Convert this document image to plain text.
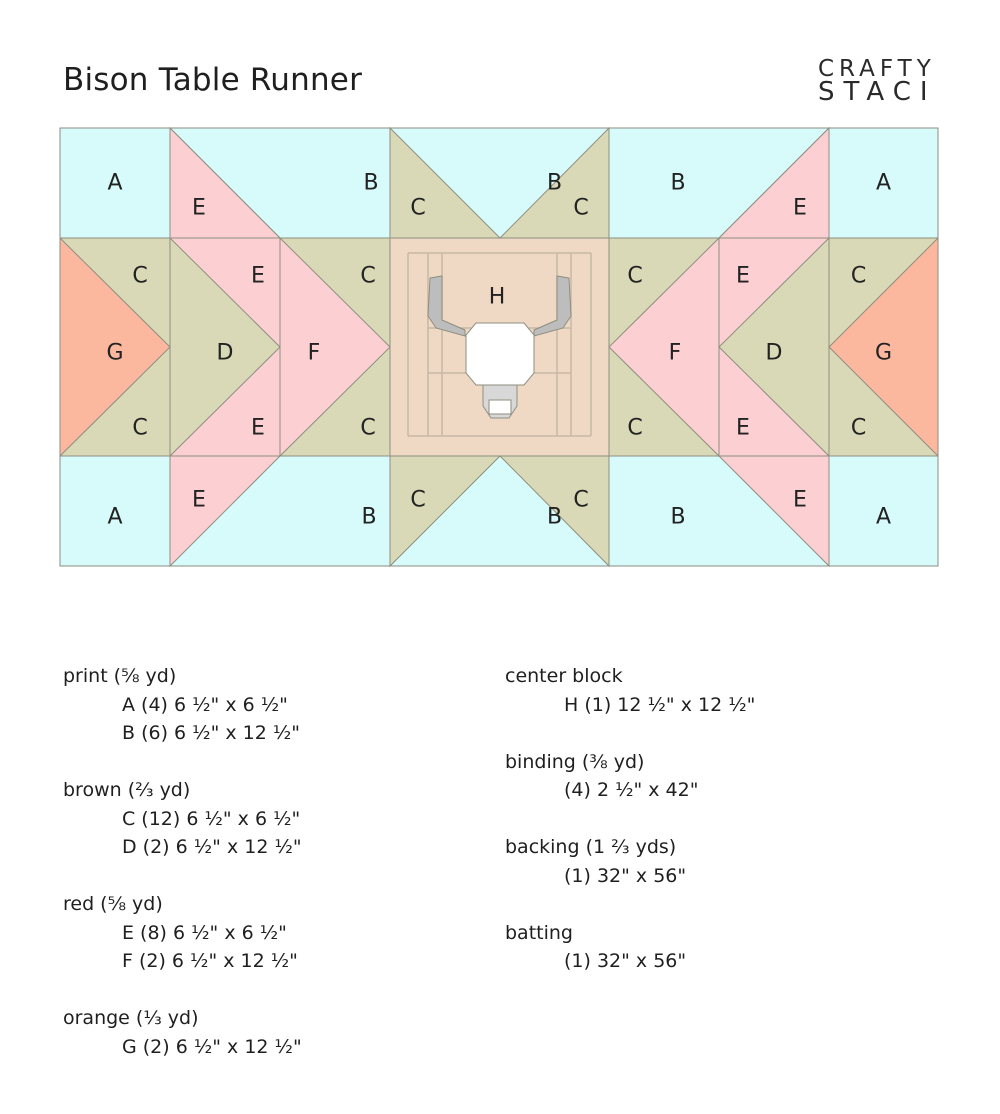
Bison Table Runner	CRAFTY
STACI
A	A
A	A
B	B	B
B	B	B
C	C
C	C
E	E
E	E
C
C
G
E
E
D
C
C
F
H
C
C
F
E
E
D
C
C
G
print (⅝ yd)
A (4) 6 ½" x 6 ½"
B (6) 6 ½" x 12 ½"
brown (⅔ yd)
C (12) 6 ½" x 6 ½"
D (2) 6 ½" x 12 ½"
red (⅝ yd)
E (8) 6 ½" x 6 ½"
F (2) 6 ½" x 12 ½"
orange (⅓ yd)
G (2) 6 ½" x 12 ½"
center block
H (1) 12 ½" x 12 ½"
binding (⅜ yd)
(4) 2 ½" x 42"
backing (1 ⅔ yds)
(1) 32" x 56"
batting
(1) 32" x 56"
